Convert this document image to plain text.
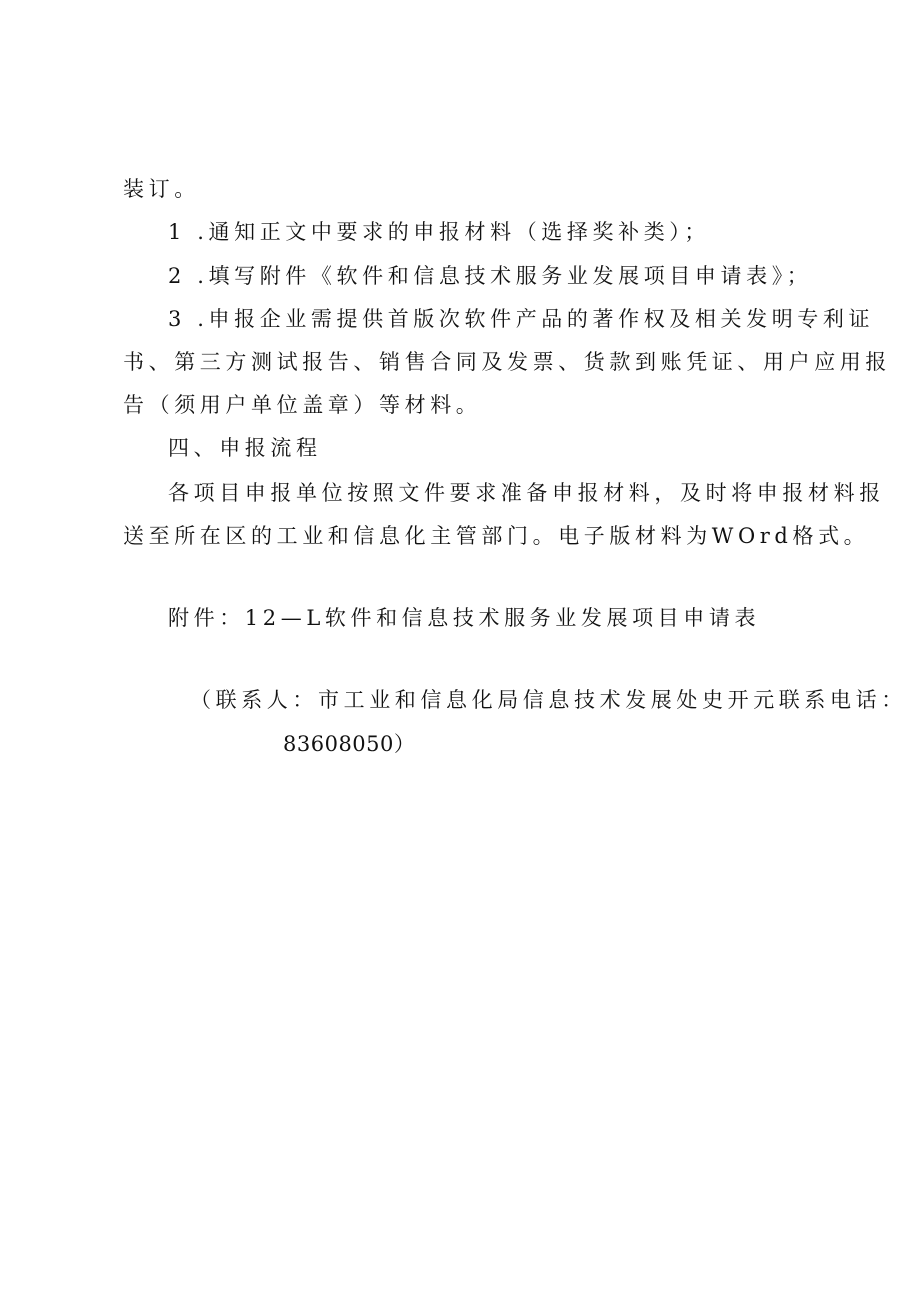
装订。
1 .通知正文中要求的申报材料（选择奖补类）；
2 .填写附件《软件和信息技术服务业发展项目申请表》；
3 .申报企业需提供首版次软件产品的著作权及相关发明专利证
书、第三方测试报告、销售合同及发票、货款到账凭证、用户应用报
告（须用户单位盖章）等材料。
四、申报流程
各项目申报单位按照文件要求准备申报材料，及时将申报材料报
送至所在区的工业和信息化主管部门。电子版材料为WOrd格式。
附件：12—L软件和信息技术服务业发展项目申请表
（联系人：市工业和信息化局信息技术发展处史开元联系电话：
83608050）
